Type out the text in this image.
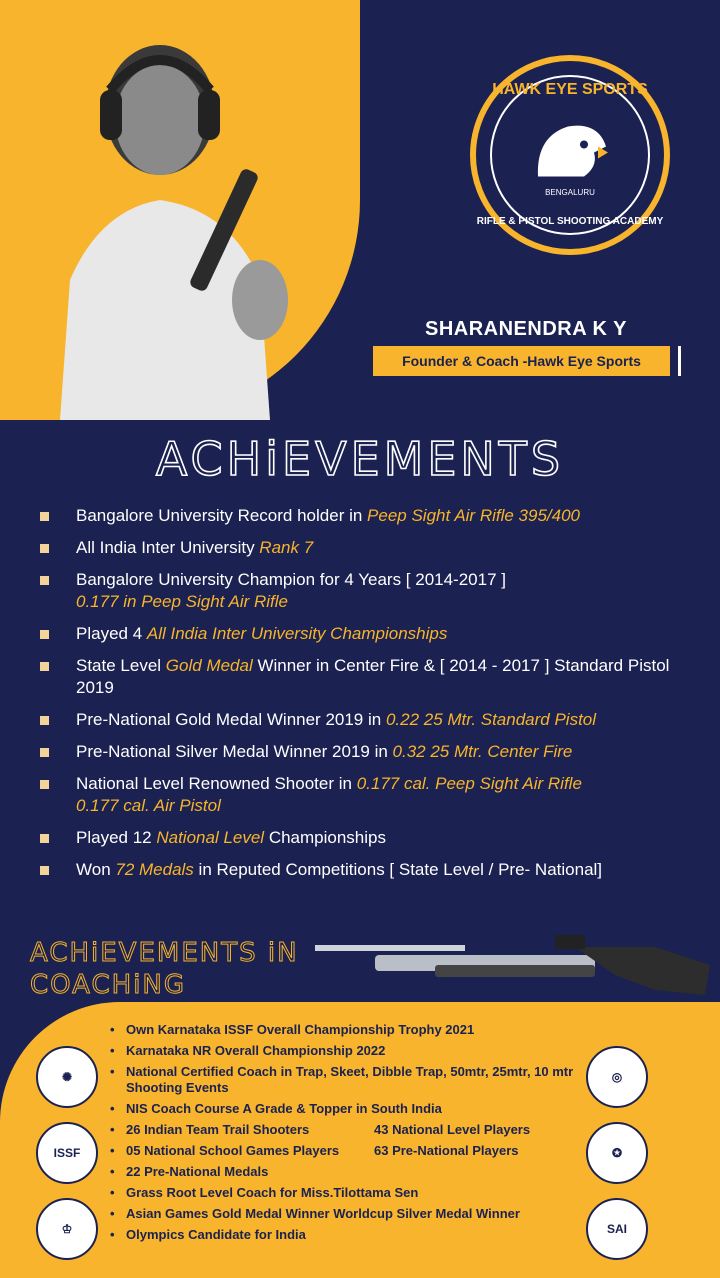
HAWK EYE SPORTS
BENGALURU
RIFLE & PISTOL SHOOTING ACADEMY
SHARANENDRA K Y
Founder & Coach -Hawk Eye Sports
ACHiEVEMENTS
Bangalore University Record holder in Peep Sight Air Rifle 395/400
All India Inter University Rank 7
Bangalore University Champion for 4 Years [ 2014-2017 ]
0.177 in Peep Sight Air Rifle
Played 4 All India Inter University Championships
State Level Gold Medal Winner in Center Fire & [ 2014 - 2017 ] Standard Pistol 2019
Pre-National Gold Medal Winner 2019 in 0.22 25 Mtr. Standard Pistol
Pre-National Silver Medal Winner 2019 in 0.32 25 Mtr. Center Fire
National Level Renowned Shooter in 0.177 cal. Peep Sight Air Rifle
0.177 cal. Air Pistol
Played 12 National Level Championships
Won 72 Medals in Reputed Competitions [ State Level / Pre- National]
ACHiEVEMENTS iN
COACHiNG
✺
ISSF
♔
◎
✪
SAI
• Own Karnataka ISSF Overall Championship Trophy 2021
• Karnataka NR Overall Championship 2022
• National Certified Coach in Trap, Skeet, Dibble Trap, 50mtr, 25mtr, 10 mtr Shooting Events
• NIS Coach Course A Grade & Topper in South India
• 26 Indian Team Trail Shooters	43 National Level Players
• 05 National School Games Players	63 Pre-National Players
• 22 Pre-National Medals
• Grass Root Level Coach for Miss.Tilottama Sen
• Asian Games Gold Medal Winner Worldcup Silver Medal Winner
• Olympics Candidate for India
